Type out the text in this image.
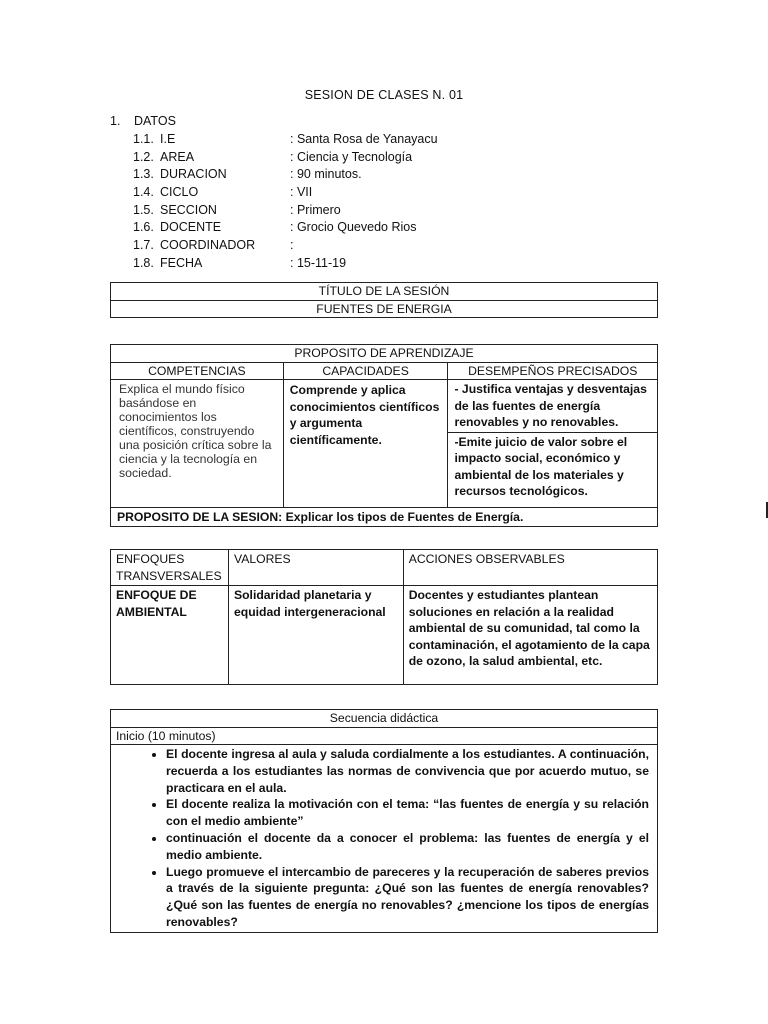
SESION DE CLASES N. 01
1. DATOS
1.1. I.E	: Santa Rosa de Yanayacu
1.2. AREA	: Ciencia y Tecnología
1.3. DURACION	: 90 minutos.
1.4. CICLO	: VII
1.5. SECCION	: Primero
1.6. DOCENTE	: Grocio Quevedo Rios
1.7. COORDINADOR	:
1.8. FECHA	: 15-11-19
TÍTULO DE LA SESIÓN
FUENTES DE ENERGIA
PROPOSITO DE APRENDIZAJE		
COMPETENCIAS	CAPACIDADES	DESEMPEÑOS PRECISADOS
Explica el mundo físico basándose en conocimientos los científicos, construyendo una posición crítica sobre la ciencia y la tecnología en sociedad.	Comprende y aplica conocimientos científicos y argumenta científicamente.	- Justifica ventajas y desventajas de las fuentes de energía renovables y no renovables.
		-Emite juicio de valor sobre el impacto social, económico y ambiental de los materiales y recursos tecnológicos.
PROPOSITO DE LA SESION: Explicar los tipos de Fuentes de Energía.		
ENFOQUES TRANSVERSALES	VALORES	ACCIONES OBSERVABLES
ENFOQUE DE AMBIENTAL	Solidaridad planetaria y equidad intergeneracional	Docentes y estudiantes plantean soluciones en relación a la realidad ambiental de su comunidad, tal como la contaminación, el agotamiento de la capa de ozono, la salud ambiental, etc.
Secuencia didáctica
Inicio (10 minutos)

• El docente ingresa al aula y saluda cordialmente a los estudiantes. A continuación, recuerda a los estudiantes las normas de convivencia que por acuerdo mutuo, se practicara en el aula.
• El docente realiza la motivación con el tema: “las fuentes de energía y su relación con el medio ambiente”
• continuación el docente da a conocer el problema: las fuentes de energía y el medio ambiente.
• Luego promueve el intercambio de pareceres y la recuperación de saberes previos a través de la siguiente pregunta: ¿Qué son las fuentes de energía renovables? ¿Qué son las fuentes de energía no renovables? ¿mencione los tipos de energías renovables?
